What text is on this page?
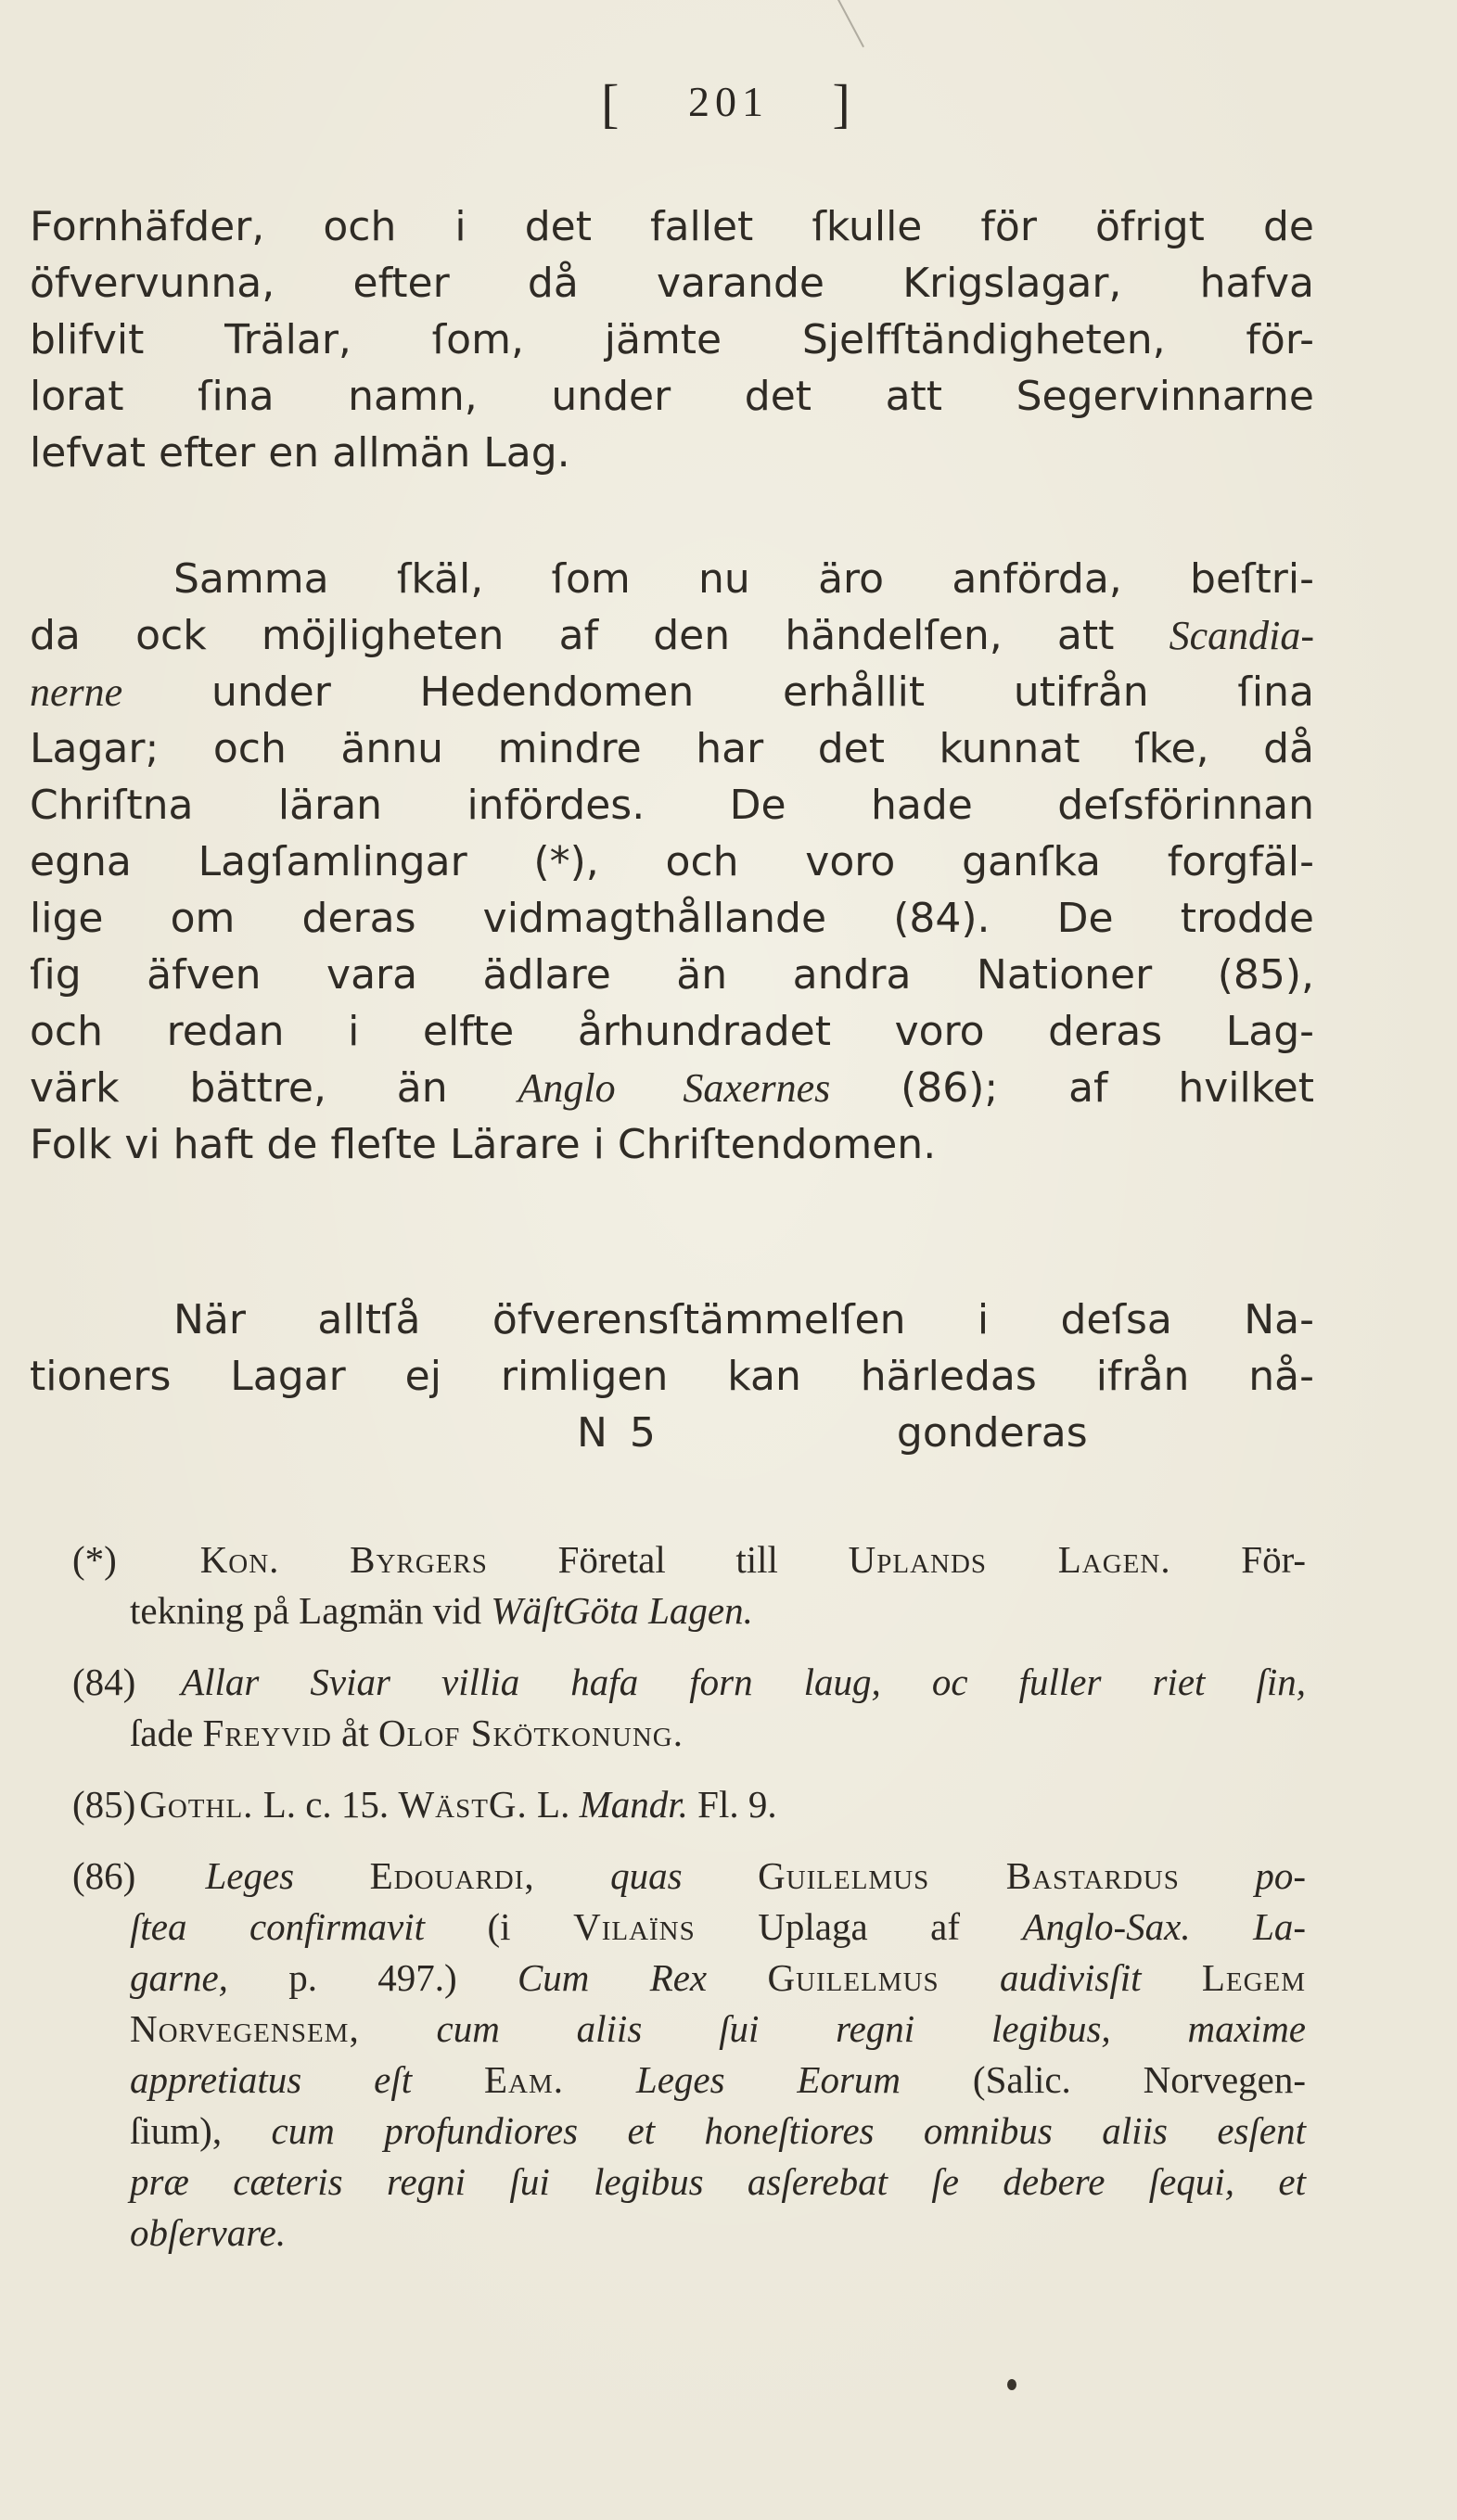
[ 201 ]
Fornhäfder, och i det fallet ſkulle för öfrigt de
öfvervunna, efter då varande Krigslagar, hafva
blifvit Trälar, ſom, jämte Sjelfſtändigheten, för-
lorat ſina namn, under det att Segervinnarne
lefvat efter en allmän Lag.
Samma ſkäl, ſom nu äro anförda, beſtri-
da ock möjligheten af den händelſen, att Scandia-
nerne under Hedendomen erhållit utifrån ſina
Lagar; och ännu mindre har det kunnat ſke, då
Chriſtna läran infördes. De hade deſsförinnan
egna Lagſamlingar (*), och voro ganſka forgfäl-
lige om deras vidmagthållande (84). De trodde
ſig äfven vara ädlare än andra Nationer (85),
och redan i elfte århundradet voro deras Lag-
värk bättre, än Anglo Saxernes (86); af hvilket
Folk vi haft de fleſte Lärare i Chriſtendomen.
När alltſå öfverensſtämmelſen i deſsa Na-
tioners Lagar ej rimligen kan härledas ifrån nå-
N 5	gonderas
(*) Kon. Byrgers Företal till Uplands Lagen. För-
tekning på Lagmän vid WäſtGöta Lagen.
(84) Allar Sviar villia hafa forn laug, oc fuller riet ſin,
ſade Freyvid åt Olof Skötkonung.
(85) Gothl. L. c. 15. WästG. L. Mandr. Fl. 9.
(86) Leges Edouardi, quas Guilelmus Bastardus po-
ſtea confirmavit (i Vilaïns Uplaga af Anglo-Sax. La-
garne, p. 497.) Cum Rex Guilelmus audivisſit Legem
Norvegensem, cum aliis ſui regni legibus, maxime
appretiatus eſt Eam. Leges Eorum (Salic. Norvegen-
ſium), cum profundiores et honeſtiores omnibus aliis esſent
præ cæteris regni ſui legibus asſerebat ſe debere ſequi, et
obſervare.
